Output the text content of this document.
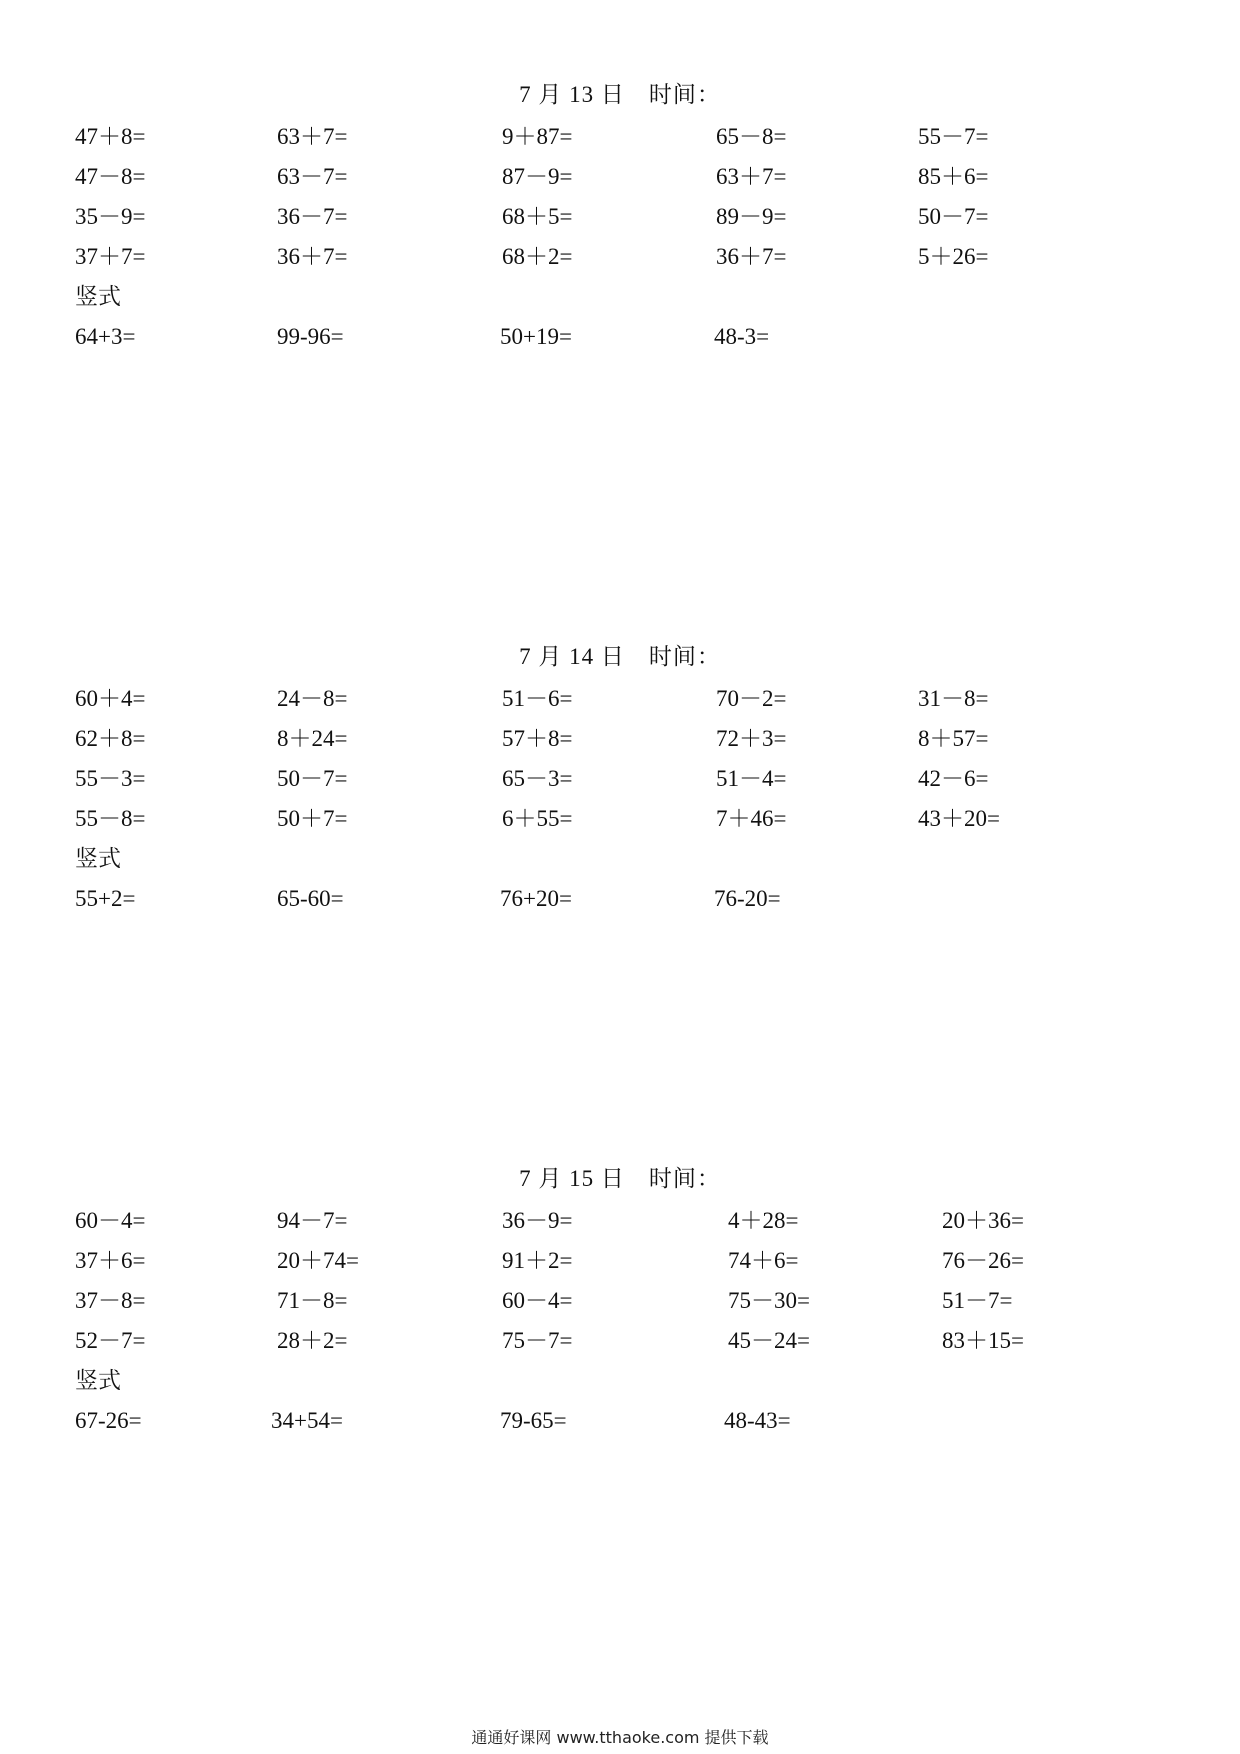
7 月 13 日 时间：
47＋8=	63＋7=	9＋87=	65－8=	55－7=
47－8=	63－7=	87－9=	63＋7=	85＋6=
35－9=	36－7=	68＋5=	89－9=	50－7=
37＋7=	36＋7=	68＋2=	36＋7=	5＋26=
竖式
64+3=	99-96=	50+19=	48-3=
7 月 14 日 时间：
60＋4=	24－8=	51－6=	70－2=	31－8=
62＋8=	8＋24=	57＋8=	72＋3=	8＋57=
55－3=	50－7=	65－3=	51－4=	42－6=
55－8=	50＋7=	6＋55=	7＋46=	43＋20=
竖式
55+2=	65-60=	76+20=	76-20=
7 月 15 日 时间：
60－4=	94－7=	36－9=	4＋28=	20＋36=
37＋6=	20＋74=	91＋2=	74＋6=	76－26=
37－8=	71－8=	60－4=	75－30=	51－7=
52－7=	28＋2=	75－7=	45－24=	83＋15=
竖式
67-26=	34+54=	79-65=	48-43=
通通好课网 www.tthaoke.com 提供下载
